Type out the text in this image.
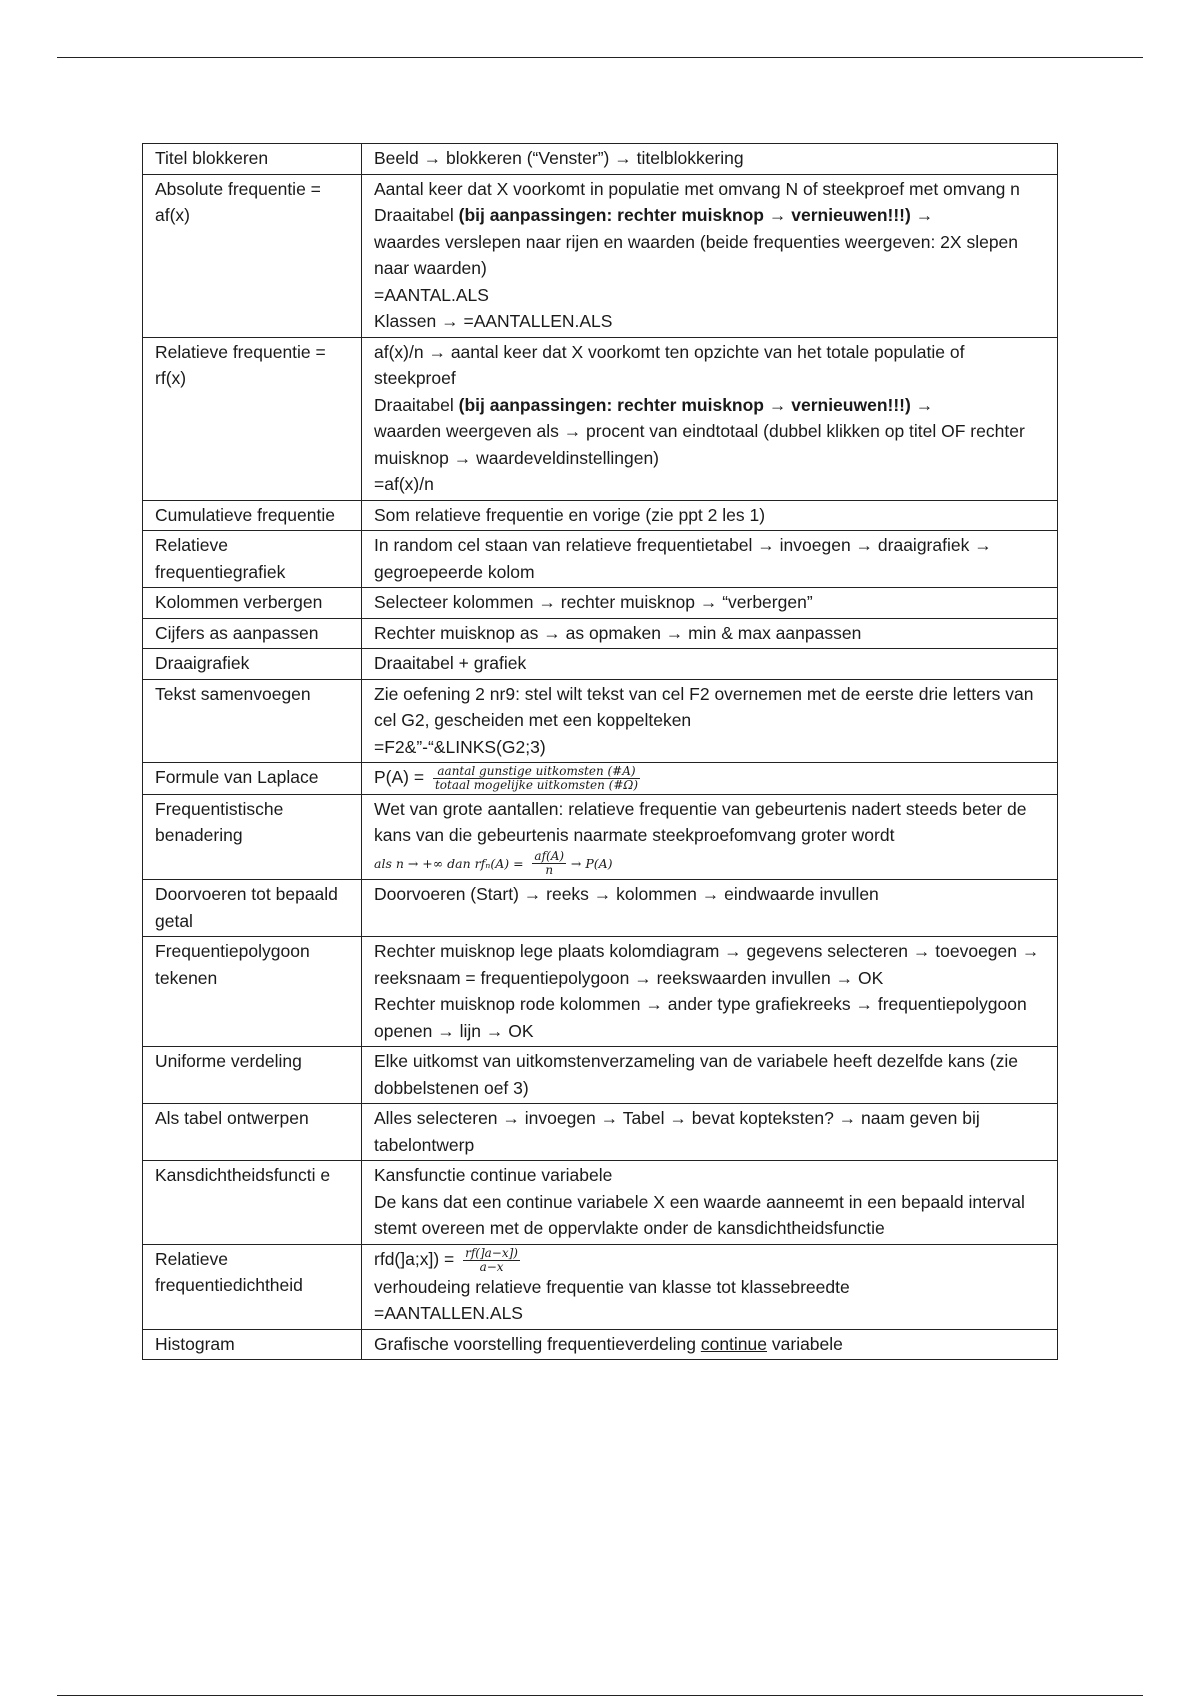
Titel blokkeren	Beeld → blokkeren (“Venster”) → titelblokkering

Absolute frequentie = af(x)	Aantal keer dat X voorkomt in populatie met omvang N of steekproef met omvang n
Draaitabel (bij aanpassingen: rechter muisknop → vernieuwen!!!) →
waardes verslepen naar rijen en waarden (beide frequenties weergeven: 2X slepen naar waarden)
=AANTAL.ALS
Klassen → =AANTALLEN.ALS

Relatieve frequentie = rf(x)	af(x)/n → aantal keer dat X voorkomt ten opzichte van het totale populatie of steekproef
Draaitabel (bij aanpassingen: rechter muisknop → vernieuwen!!!) →
waarden weergeven als → procent van eindtotaal (dubbel klikken op titel OF rechter muisknop → waardeveldinstellingen)
=af(x)/n

Cumulatieve frequentie	Som relatieve frequentie en vorige (zie ppt 2 les 1)

Relatieve frequentiegrafiek	In random cel staan van relatieve frequentietabel → invoegen → draaigrafiek → gegroepeerde kolom

Kolommen verbergen	Selecteer kolommen → rechter muisknop → “verbergen”

Cijfers as aanpassen	Rechter muisknop as → as opmaken → min & max aanpassen

Draaigrafiek	Draaitabel + grafiek

Tekst samenvoegen	Zie oefening 2 nr9: stel wilt tekst van cel F2 overnemen met de eerste drie letters van cel G2, gescheiden met een koppelteken
=F2&”-“&LINKS(G2;3)

Formule van Laplace	$P(A) = \frac{\text{aantal gunstige uitkomsten (\#A)}}{\text{totaal mogelijke uitkomsten (\#Ω)}}$

Frequentistische benadering	Wet van grote aantallen: relatieve frequentie van gebeurtenis nadert steeds beter de kans van die gebeurtenis naarmate steekproefomvang groter wordt
als n → +∞ dan $rf_n(A) = \frac{af(A)}{n} \to P(A)$

Doorvoeren tot bepaald getal	Doorvoeren (Start) → reeks → kolommen → eindwaarde invullen

Frequentiepolygoon tekenen	Rechter muisknop lege plaats kolomdiagram → gegevens selecteren → toevoegen → reeksnaam = frequentiepolygoon → reekswaarden invullen → OK
Rechter muisknop rode kolommen → ander type grafiekreeks → frequentiepolygoon openen → lijn → OK

Uniforme verdeling	Elke uitkomst van uitkomstenverzameling van de variabele heeft dezelfde kans (zie dobbelstenen oef 3)

Als tabel ontwerpen	Alles selecteren → invoegen → Tabel → bevat kopteksten? → naam geven bij tabelontwerp

Kansdichtheidsfuncti e	Kansfunctie continue variabele
De kans dat een continue variabele X een waarde aanneemt in een bepaald interval stemt overeen met de oppervlakte onder de kansdichtheidsfunctie

Relatieve frequentiedichtheid	rfd(]a;x]) = $\frac{rf(]a-x])}{a-x}$
verhoudeing relatieve frequentie van klasse tot klassebreedte
=AANTALLEN.ALS

Histogram	Grafische voorstelling frequentieverdeling continue variabele
